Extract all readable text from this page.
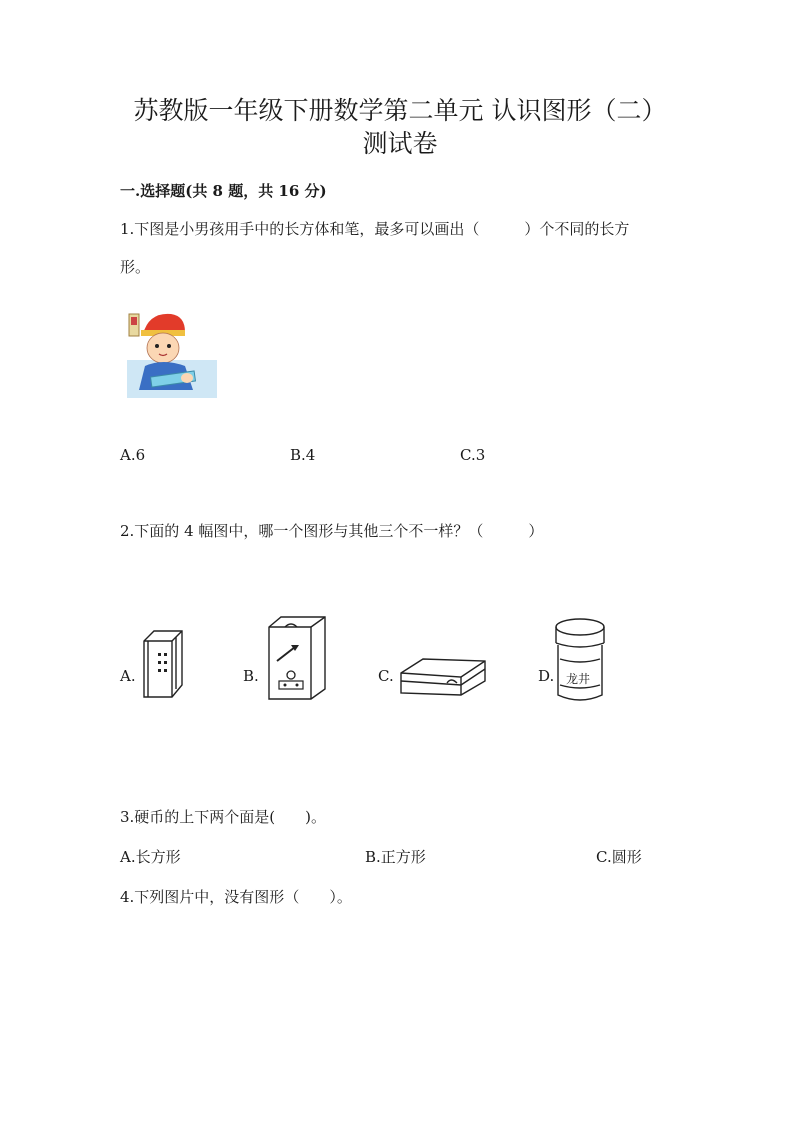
苏教版一年级下册数学第二单元 认识图形（二）
测试卷
一.选择题(共 8 题，共 16 分)
1.下图是小男孩用手中的长方体和笔，最多可以画出（　　　）个不同的长方
形。
A.6	B.4	C.3
2.下面的 4 幅图中，哪一个图形与其他三个不一样？（　　　）
A.	B.	C.	D. 龙井
3.硬币的上下两个面是(　　)。
A.长方形	B.正方形	C.圆形
4.下列图片中，没有图形（　　）。
